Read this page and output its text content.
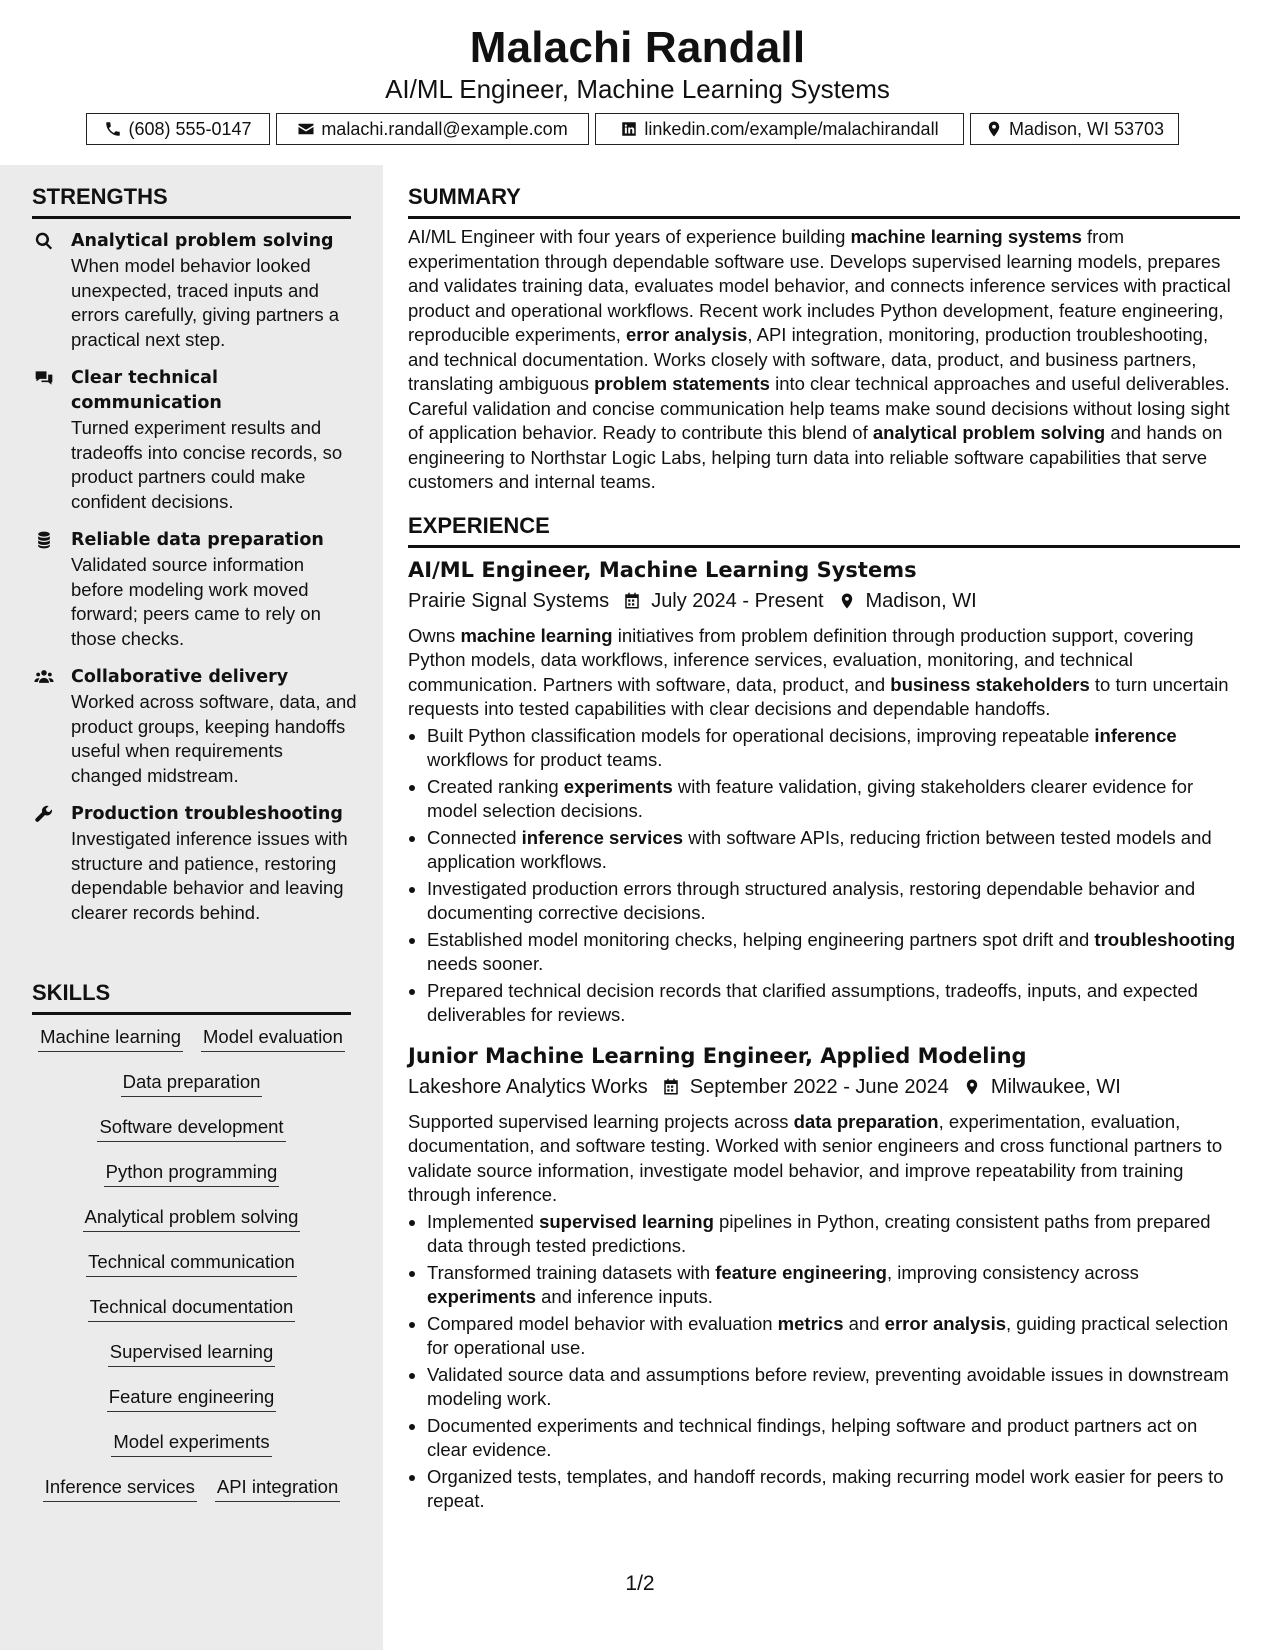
Malachi Randall
AI/ML Engineer, Machine Learning Systems
(608) 555-0147	malachi.randall@example.com	linkedin.com/example/malachirandall	Madison, WI 53703
STRENGTHS
Analytical problem solving
When model behavior looked unexpected, traced inputs and errors carefully, giving partners a practical next step.
Clear technical communication
Turned experiment results and tradeoffs into concise records, so product partners could make confident decisions.
Reliable data preparation
Validated source information before modeling work moved forward; peers came to rely on those checks.
Collaborative delivery
Worked across software, data, and product groups, keeping handoffs useful when requirements changed midstream.
Production troubleshooting
Investigated inference issues with structure and patience, restoring dependable behavior and leaving clearer records behind.
SKILLS
Machine learning Model evaluation
Data preparation
Software development
Python programming
Analytical problem solving
Technical communication
Technical documentation
Supervised learning
Feature engineering
Model experiments
Inference services API integration
SUMMARY
AI/ML Engineer with four years of experience building machine learning systems from experimentation through dependable software use. Develops supervised learning models, prepares and validates training data, evaluates model behavior, and connects inference services with practical product and operational workflows. Recent work includes Python development, feature engineering, reproducible experiments, error analysis, API integration, monitoring, production troubleshooting, and technical documentation. Works closely with software, data, product, and business partners, translating ambiguous problem statements into clear technical approaches and useful deliverables. Careful validation and concise communication help teams make sound decisions without losing sight of application behavior. Ready to contribute this blend of analytical problem solving and hands on engineering to Northstar Logic Labs, helping turn data into reliable software capabilities that serve customers and internal teams.
EXPERIENCE
AI/ML Engineer, Machine Learning Systems
Prairie Signal Systems July 2024 - Present Madison, WI
Owns machine learning initiatives from problem definition through production support, covering Python models, data workflows, inference services, evaluation, monitoring, and technical communication. Partners with software, data, product, and business stakeholders to turn uncertain requests into tested capabilities with clear decisions and dependable handoffs.
• Built Python classification models for operational decisions, improving repeatable inference workflows for product teams.
• Created ranking experiments with feature validation, giving stakeholders clearer evidence for model selection decisions.
• Connected inference services with software APIs, reducing friction between tested models and application workflows.
• Investigated production errors through structured analysis, restoring dependable behavior and documenting corrective decisions.
• Established model monitoring checks, helping engineering partners spot drift and troubleshooting needs sooner.
• Prepared technical decision records that clarified assumptions, tradeoffs, inputs, and expected deliverables for reviews.
Junior Machine Learning Engineer, Applied Modeling
Lakeshore Analytics Works September 2022 - June 2024 Milwaukee, WI
Supported supervised learning projects across data preparation, experimentation, evaluation, documentation, and software testing. Worked with senior engineers and cross functional partners to validate source information, investigate model behavior, and improve repeatability from training through inference.
• Implemented supervised learning pipelines in Python, creating consistent paths from prepared data through tested predictions.
• Transformed training datasets with feature engineering, improving consistency across experiments and inference inputs.
• Compared model behavior with evaluation metrics and error analysis, guiding practical selection for operational use.
• Validated source data and assumptions before review, preventing avoidable issues in downstream modeling work.
• Documented experiments and technical findings, helping software and product partners act on clear evidence.
• Organized tests, templates, and handoff records, making recurring model work easier for peers to repeat.
1/2
